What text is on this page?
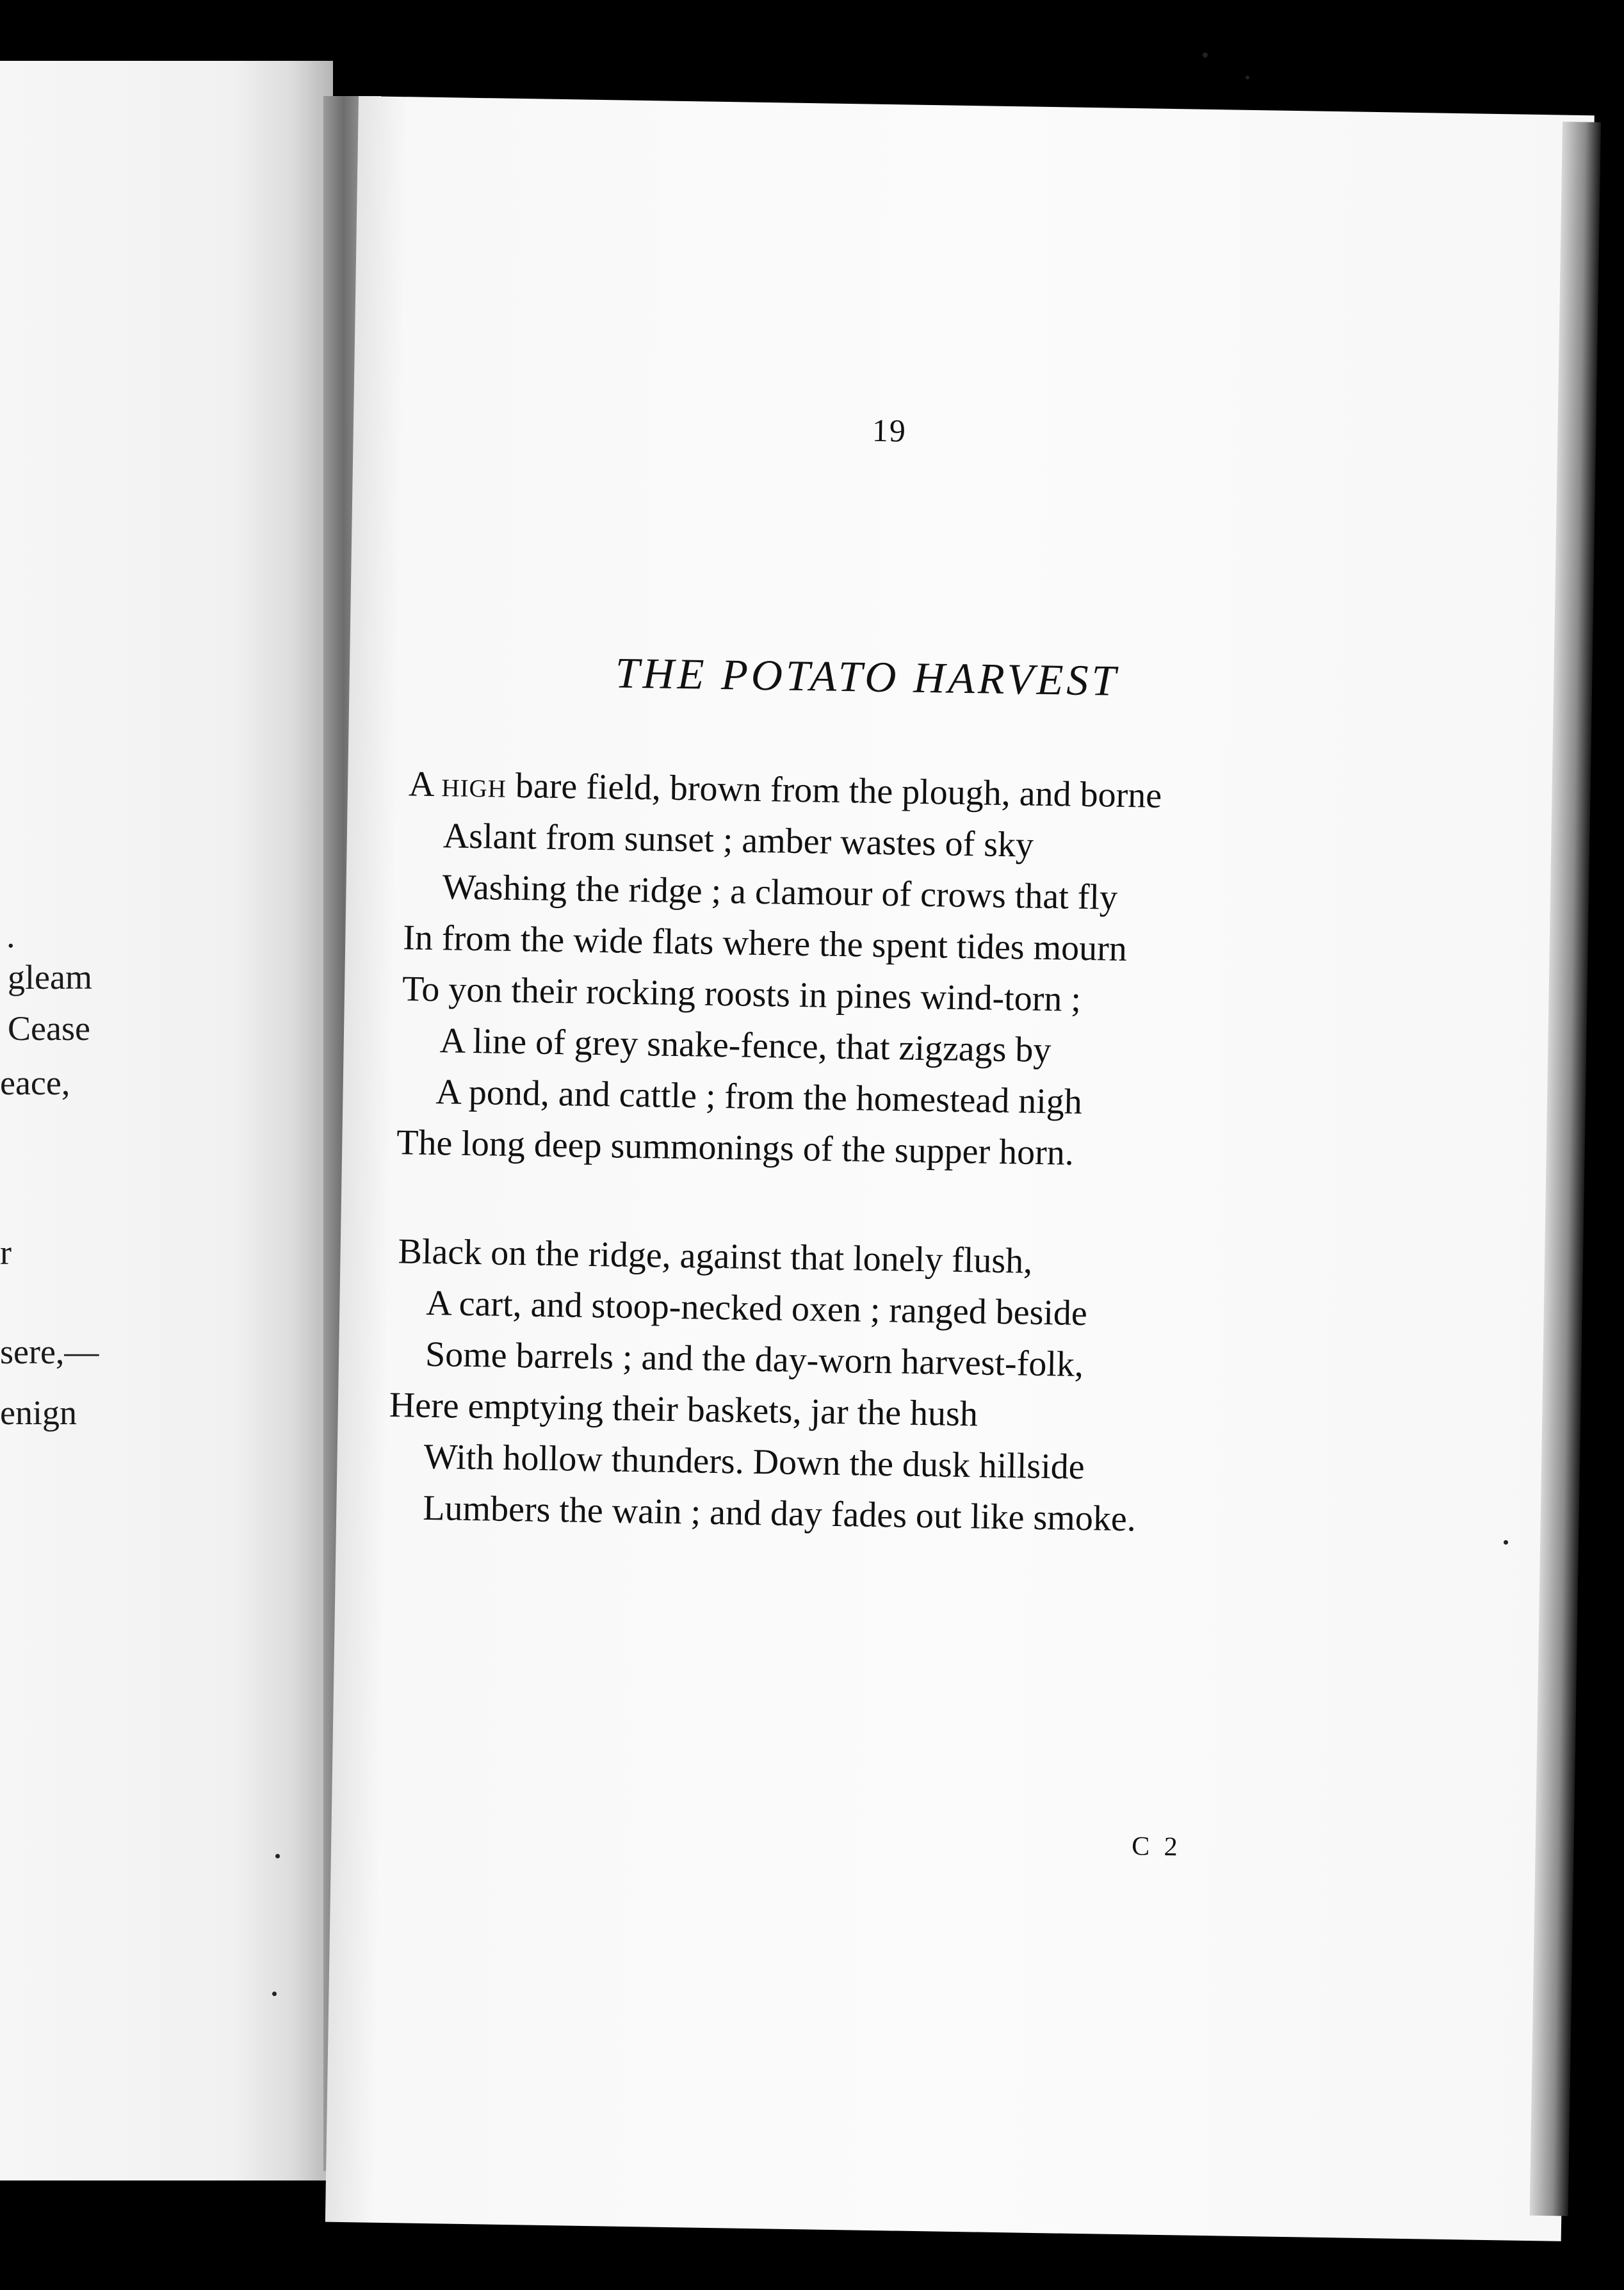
.
gleam
Cease
eace,
r
sere,—
enign
19
THE POTATO HARVEST
A high bare field, brown from the plough, and borne
Aslant from sunset ; amber wastes of sky
Washing the ridge ; a clamour of crows that fly
In from the wide flats where the spent tides mourn
To yon their rocking roosts in pines wind-torn ;
A line of grey snake-fence, that zigzags by
A pond, and cattle ; from the homestead nigh
The long deep summonings of the supper horn.
Black on the ridge, against that lonely flush,
A cart, and stoop-necked oxen ; ranged beside
Some barrels ; and the day-worn harvest-folk,
Here emptying their baskets, jar the hush
With hollow thunders. Down the dusk hillside
Lumbers the wain ; and day fades out like smoke.
C 2
